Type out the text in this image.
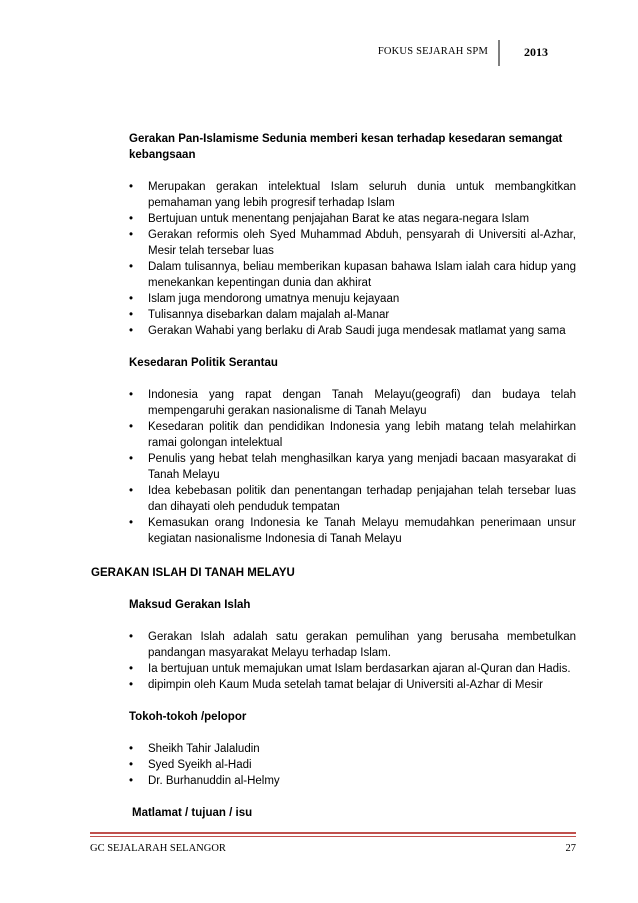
FOKUS SEJARAH SPM	2013

Gerakan Pan-Islamisme Sedunia memberi kesan terhadap kesedaran semangat kebangsaan

• Merupakan gerakan intelektual Islam seluruh dunia untuk membangkitkan pemahaman yang lebih progresif terhadap Islam
• Bertujuan untuk menentang penjajahan Barat ke atas negara-negara Islam
• Gerakan reformis oleh Syed Muhammad Abduh, pensyarah di Universiti al-Azhar, Mesir telah tersebar luas
• Dalam tulisannya, beliau memberikan kupasan bahawa Islam ialah cara hidup yang menekankan kepentingan dunia dan akhirat
• Islam juga mendorong umatnya menuju kejayaan
• Tulisannya disebarkan dalam majalah al-Manar
• Gerakan Wahabi yang berlaku di Arab Saudi juga mendesak matlamat yang sama

Kesedaran Politik Serantau

• Indonesia yang rapat dengan Tanah Melayu(geografi) dan budaya telah mempengaruhi gerakan nasionalisme di Tanah Melayu
• Kesedaran politik dan pendidikan Indonesia yang lebih matang telah melahirkan ramai golongan intelektual
• Penulis yang hebat telah menghasilkan karya yang menjadi bacaan masyarakat di Tanah Melayu
• Idea kebebasan politik dan penentangan terhadap penjajahan telah tersebar luas dan dihayati oleh penduduk tempatan
• Kemasukan orang Indonesia ke Tanah Melayu memudahkan penerimaan unsur kegiatan nasionalisme Indonesia di Tanah Melayu

GERAKAN ISLAH DI TANAH MELAYU

Maksud Gerakan Islah

• Gerakan Islah adalah satu gerakan pemulihan yang berusaha membetulkan pandangan masyarakat Melayu terhadap Islam.
• Ia bertujuan untuk memajukan umat Islam berdasarkan ajaran al-Quran dan Hadis.
• dipimpin oleh Kaum Muda setelah tamat belajar di Universiti al-Azhar di Mesir

Tokoh-tokoh /pelopor

• Sheikh Tahir Jalaludin
• Syed Syeikh al-Hadi
• Dr. Burhanuddin al-Helmy

Matlamat / tujuan / isu

GC SEJALARAH SELANGOR	27
